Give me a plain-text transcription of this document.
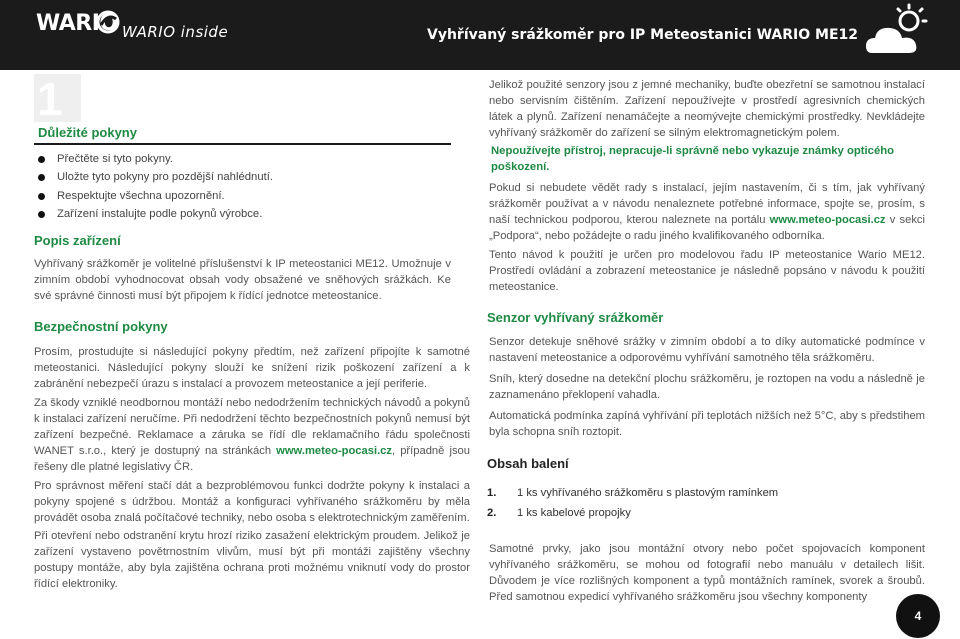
WARIO WARIO inside	Vyhřívaný srážkoměr pro IP Meteostanici WARIO ME12
1
Důležité pokyny
Přečtěte si tyto pokyny.
Uložte tyto pokyny pro pozdější nahlédnutí.
Respektujte všechna upozornění.
Zařízení instalujte podle pokynů výrobce.
Popis zařízení

Vyhřívaný srážkoměr je volitelné příslušenství k IP meteostanici ME12. Umožnuje v zimním období vyhodnocovat obsah vody obsažené ve sněhových srážkách. Ke své správné činnosti musí být připojem k řídící jednotce meteostanice.

Bezpečnostní pokyny

Prosím, prostudujte si následující pokyny předtím, než zařízení připojíte k samotné meteostanici. Následující pokyny slouží ke snížení rizik poškození zařízení a k zabránění nebezpečí úrazu s instalací a provozem meteostanice a její periferie.

Za škody vzniklé neodbornou montáží nebo nedodržením technických návodů a pokynů k instalaci zařízení neručíme. Při nedodržení těchto bezpečnostních pokynů nemusí být zařízení bezpečné. Reklamace a záruka se řídí dle reklamačního řádu společnosti WANET s.r.o., který je dostupný na stránkách www.meteo-pocasi.cz, případně jsou řešeny dle platné legislativy ČR.

Pro správnost měření stačí dát a bezproblémovou funkci dodržte pokyny k instalaci a pokyny spojené s údržbou. Montáž a konfiguraci vyhřívaného srážkoměru by měla provádět osoba znalá počítačové techniky, nebo osoba s elektrotechnickým zaměřením.

Při otevření nebo odstranění krytu hrozí riziko zasažení elektrickým proudem. Jelikož je zařízení vystaveno povětrnostním vlivům, musí být při montáži zajištěny všechny postupy montáže, aby byla zajištěna ochrana proti možnému vniknutí vody do prostor řídící elektroniky.

Jelikož použité senzory jsou z jemné mechaniky, buďte obezřetní se samotnou instalací nebo servisním čištěním. Zařízení nepoužívejte v prostředí agresivních chemických látek a plynů. Zařízení nenamáčejte a neomývejte chemickými prostředky. Nevkládejte vyhřívaný srážkoměr do zařízení se silným elektromagnetickým polem.

Nepoužívejte přístroj, nepracuje-li správně nebo vykazuje známky opticého poškození.

Pokud si nebudete vědět rady s instalací, jejím nastavením, či s tím, jak vyhřívaný srážkoměr používat a v návodu nenaleznete potřebné informace, spojte se, prosím, s naší technickou podporou, kterou naleznete na portálu www.meteo-pocasi.cz v sekci „Podpora“, nebo požádejte o radu jiného kvalifikovaného odborníka.

Tento návod k použití je určen pro modelovou řadu IP meteostanice Wario ME12. Prostředí ovládání a zobrazení meteostanice je následně popsáno v návodu k použití meteostanice.

Senzor vyhřívaný srážkoměr

Senzor detekuje sněhové srážky v zimním období a to díky automatické podmínce v nastavení meteostanice a odporovému vyhřívání samotného těla srážkoměru.

Sníh, který dosedne na detekční plochu srážkoměru, je roztopen na vodu a následně je zaznamenáno překlopení vahadla.

Automatická podmínka zapíná vyhřívání při teplotách nižších než 5°C, aby s předstihem byla schopna sníh roztopit.

Obsah balení
1. 1 ks vyhřívaného srážkoměru s plastovým ramínkem
2. 1 ks kabelové propojky

Samotné prvky, jako jsou montážní otvory nebo počet spojovacích komponent vyhřívaného srážkoměru, se mohou od fotografií nebo manuálu v detailech lišit. Důvodem je více rozlišných komponent a typů montážních ramínek, svorek a šroubů. Před samotnou expedicí vyhřívaného srážkoměru jsou všechny komponenty

4
